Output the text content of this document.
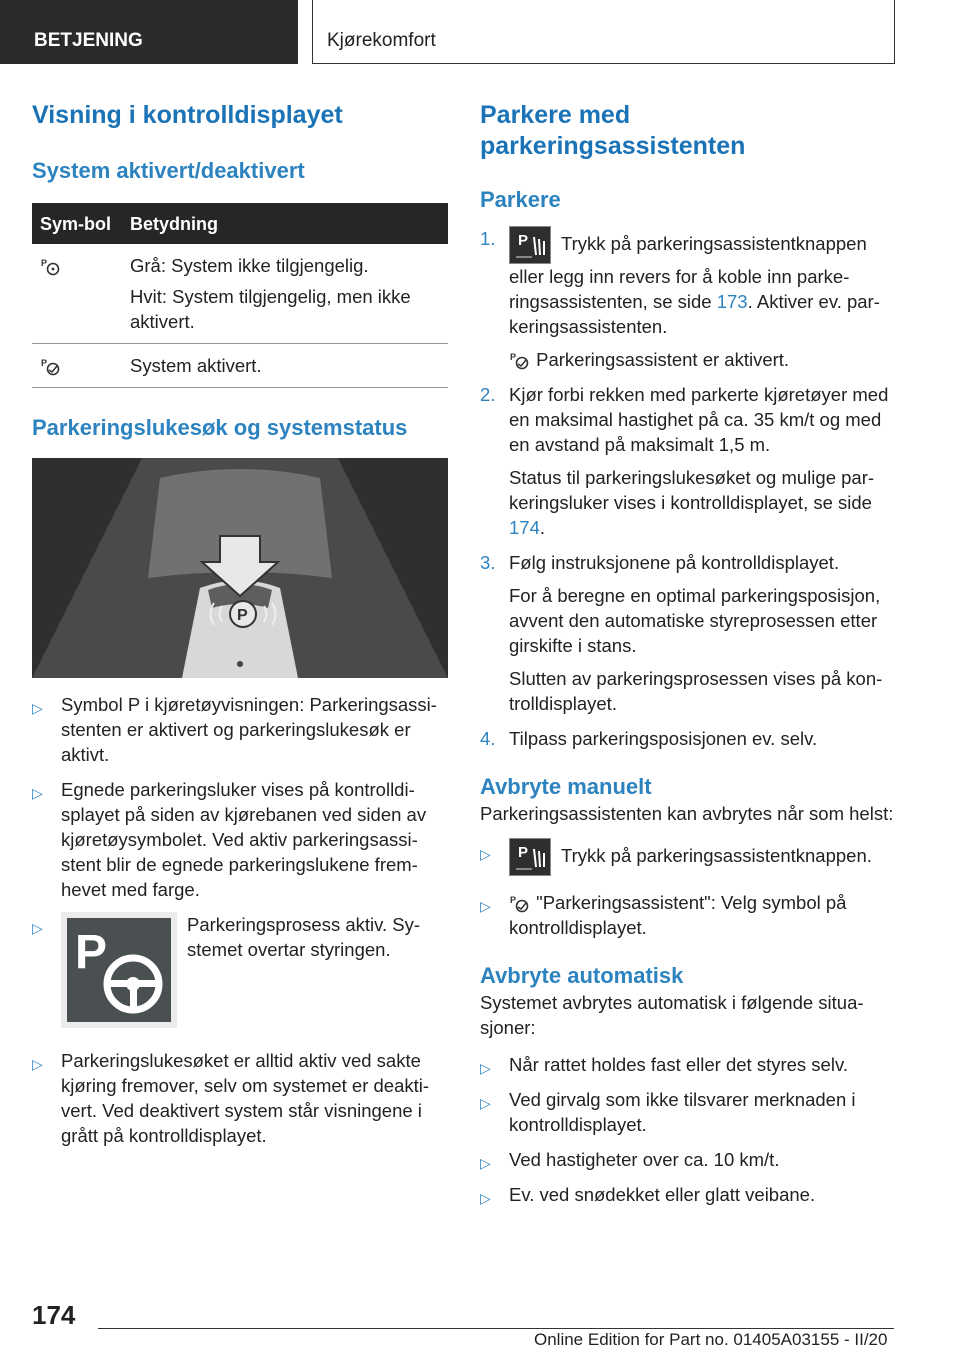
BETJENING	Kjørekomfort
Visning i kontrolldisplayet
System aktivert/deaktivert
Sym-bol	Betydning

P	Grå: System ikke tilgjengelig.

Hvit: System tilgjengelig, men ikke aktivert.

P	System aktivert.

Parkeringslukesøk og systemstatus
P
▷ Symbol P i kjøretøyvisningen: Parkeringsassi-stenten er aktivert og parkeringslukesøk er aktivt.
▷ Egnede parkeringsluker vises på kontrolldi-splayet på siden av kjørebanen ved siden av kjøretøysymbolet. Ved aktiv parkeringsassi-stent blir de egnede parkeringslukene frem-hevet med farge.
▷ P
Parkeringsprosess aktiv. Sy-stemet overtar styringen.
▷ Parkeringslukesøket er alltid aktiv ved sakte kjøring fremover, selv om systemet er deakti-vert. Ved deaktivert system står visningene i grått på kontrolldisplayet.
Parkere med parkeringsassistenten
Parkere
1. P Trykk på parkeringsassistentknappen eller legg inn revers for å koble inn parke-ringsassistenten, se side 173. Aktiver ev. par-keringsassistenten.

P Parkeringsassistent er aktivert.

2. Kjør forbi rekken med parkerte kjøretøyer med en maksimal hastighet på ca. 35 km/t og med en avstand på maksimalt 1,5 m.

Status til parkeringslukesøket og mulige par-keringsluker vises i kontrolldisplayet, se side 174.

3. Følg instruksjonene på kontrolldisplayet.

For å beregne en optimal parkeringsposisjon, avvent den automatiske styreprosessen etter girskifte i stans.

Slutten av parkeringsprosessen vises på kon-trolldisplayet.

4. Tilpass parkeringsposisjonen ev. selv.
Avbryte manuelt

Parkeringsassistenten kan avbrytes når som helst:

▷ P Trykk på parkeringsassistentknappen.
▷ P "Parkeringsassistent": Velg symbol på kontrolldisplayet.
Avbryte automatisk

Systemet avbrytes automatisk i følgende situa-sjoner:

▷ Når rattet holdes fast eller det styres selv.
▷ Ved girvalg som ikke tilsvarer merknaden i kontrolldisplayet.
▷ Ved hastigheter over ca. 10 km/t.
▷ Ev. ved snødekket eller glatt veibane.
174
Online Edition for Part no. 01405A03155 - II/20
